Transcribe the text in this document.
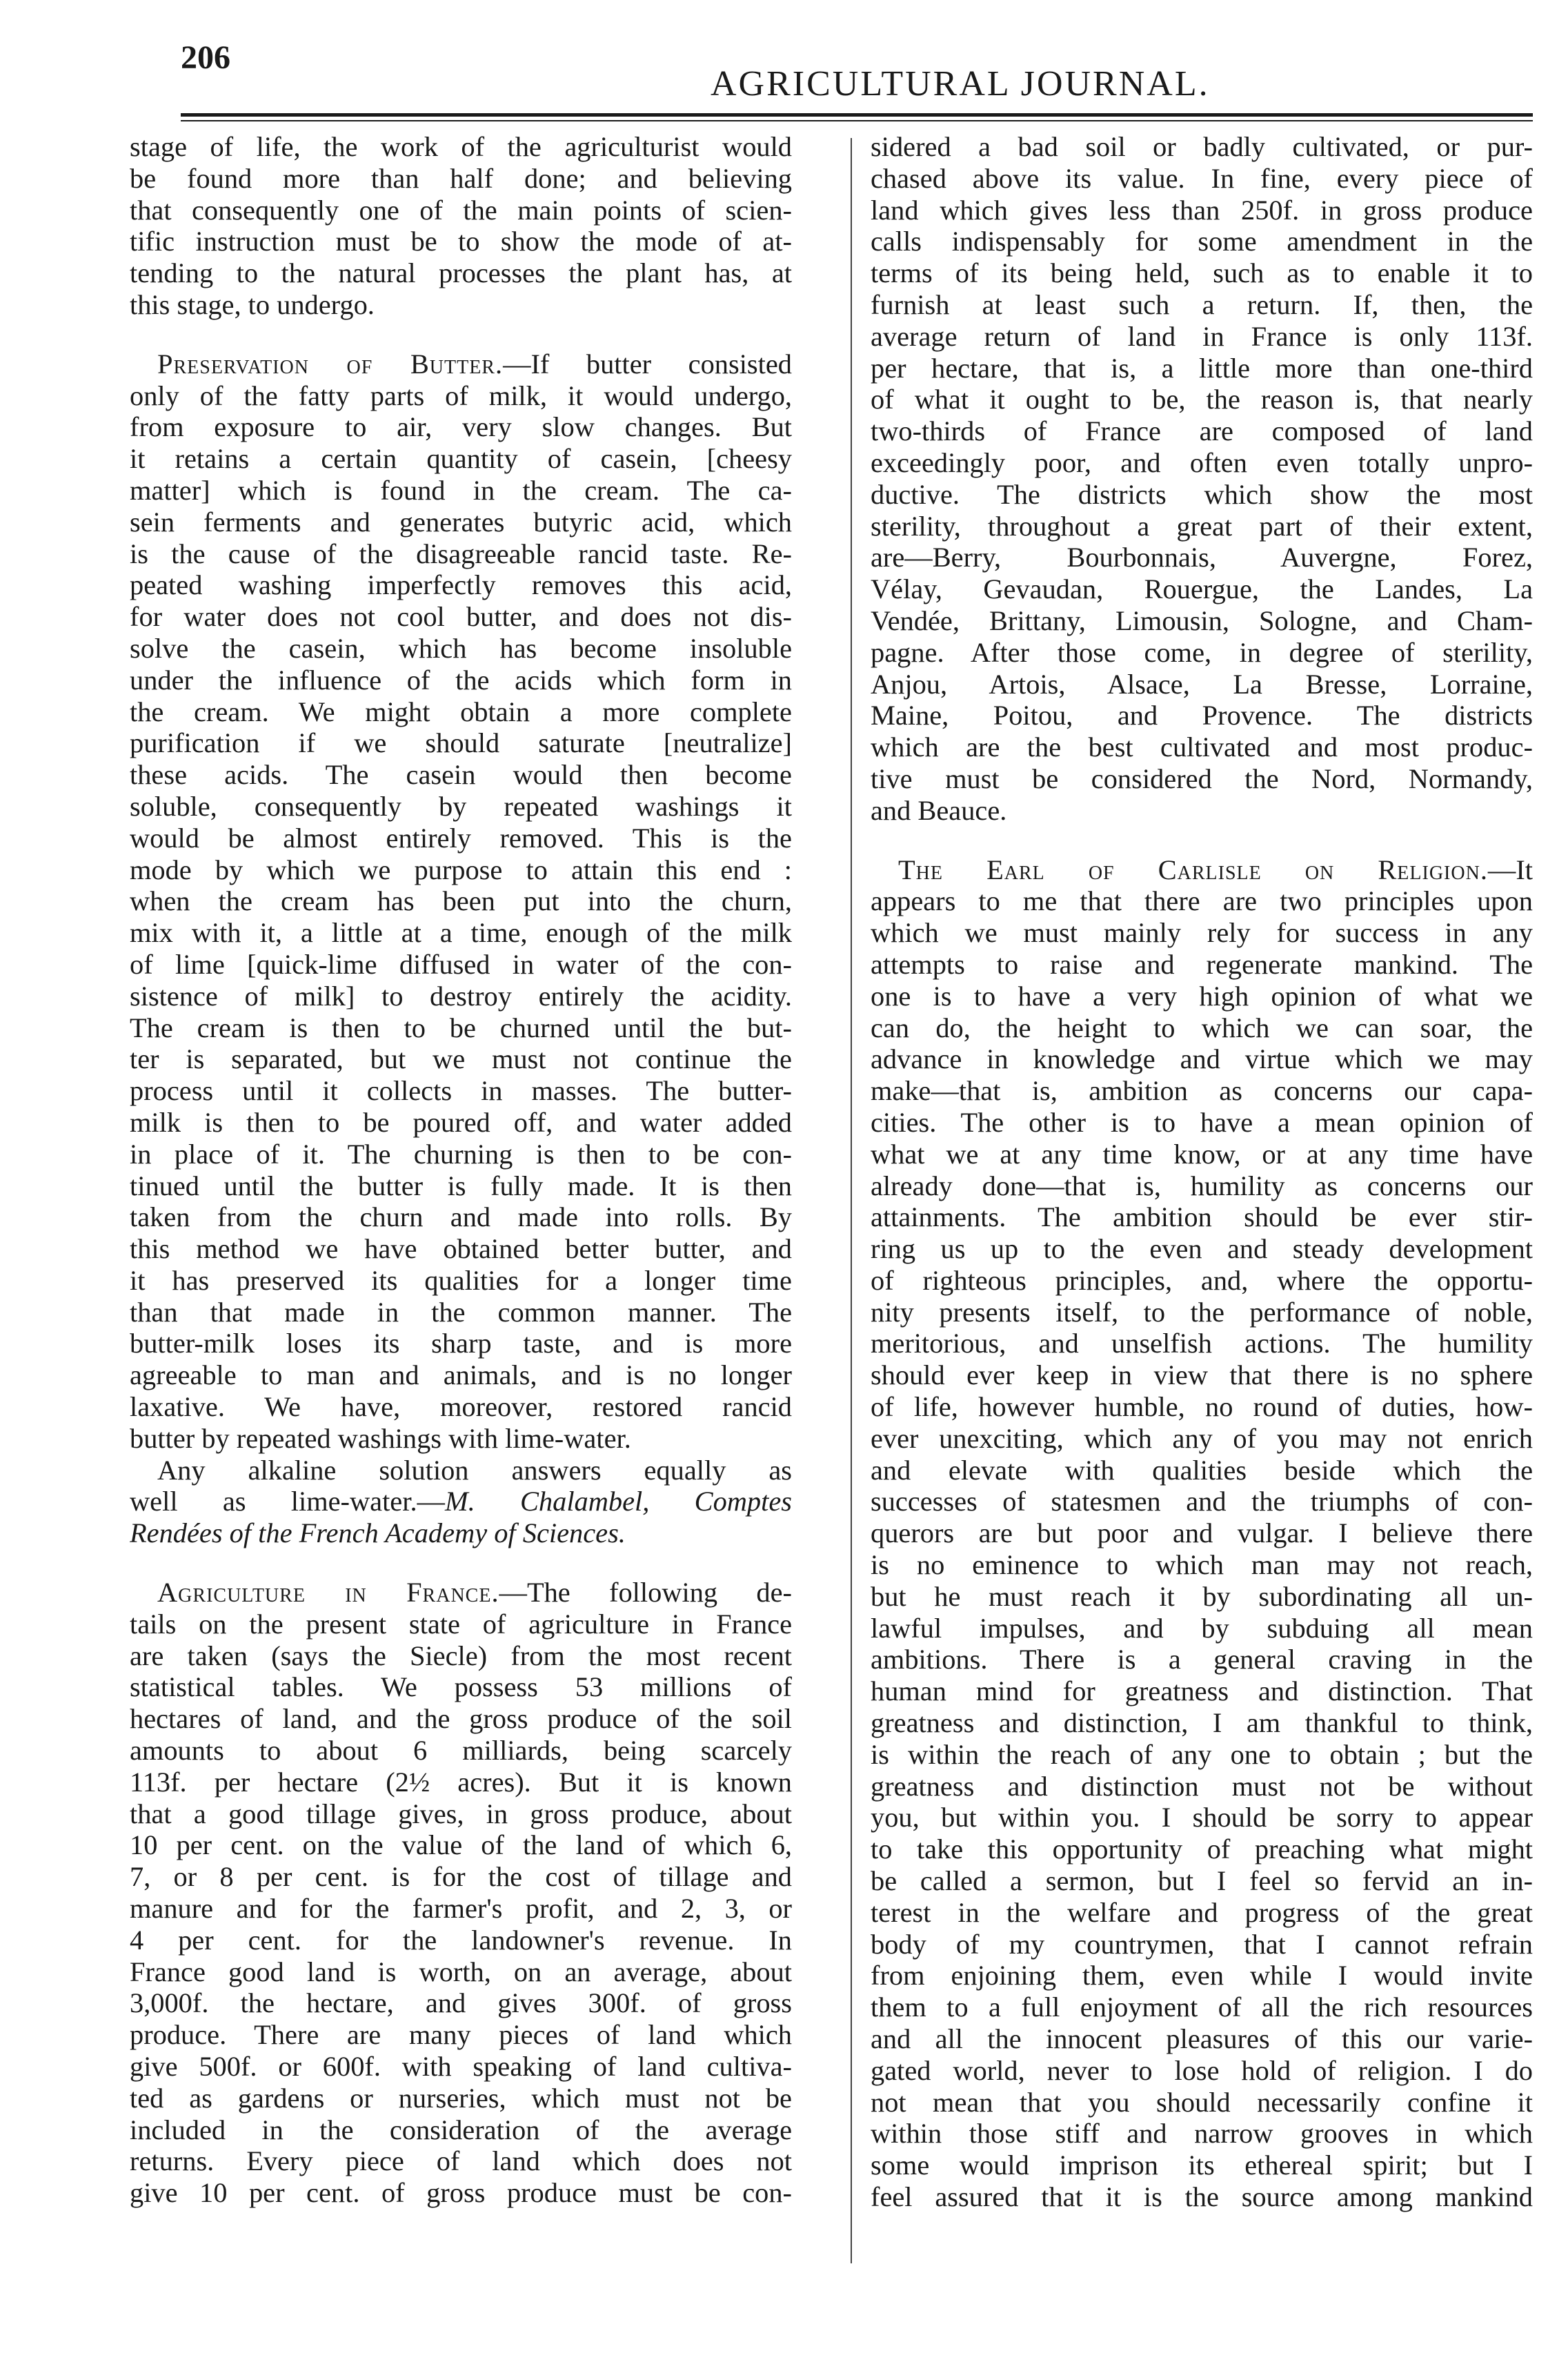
206
AGRICULTURAL JOURNAL.
stage of life, the work of the agriculturist would
be found more than half done; and believing
that consequently one of the main points of scien-
tific instruction must be to show the mode of at-
tending to the natural processes the plant has, at
this stage, to undergo.
Preservation of Butter.—If butter consisted
only of the fatty parts of milk, it would undergo,
from exposure to air, very slow changes. But
it retains a certain quantity of casein, [cheesy
matter] which is found in the cream. The ca-
sein ferments and generates butyric acid, which
is the cause of the disagreeable rancid taste. Re-
peated washing imperfectly removes this acid,
for water does not cool butter, and does not dis-
solve the casein, which has become insoluble
under the influence of the acids which form in
the cream. We might obtain a more complete
purification if we should saturate [neutralize]
these acids. The casein would then become
soluble, consequently by repeated washings it
would be almost entirely removed. This is the
mode by which we purpose to attain this end :
when the cream has been put into the churn,
mix with it, a little at a time, enough of the milk
of lime [quick-lime diffused in water of the con-
sistence of milk] to destroy entirely the acidity.
The cream is then to be churned until the but-
ter is separated, but we must not continue the
process until it collects in masses. The butter-
milk is then to be poured off, and water added
in place of it. The churning is then to be con-
tinued until the butter is fully made. It is then
taken from the churn and made into rolls. By
this method we have obtained better butter, and
it has preserved its qualities for a longer time
than that made in the common manner. The
butter-milk loses its sharp taste, and is more
agreeable to man and animals, and is no longer
laxative. We have, moreover, restored rancid
butter by repeated washings with lime-water.
Any alkaline solution answers equally as
well as lime-water.—M. Chalambel, Comptes
Rendées of the French Academy of Sciences.
Agriculture in France.—The following de-
tails on the present state of agriculture in France
are taken (says the Siecle) from the most recent
statistical tables. We possess 53 millions of
hectares of land, and the gross produce of the soil
amounts to about 6 milliards, being scarcely
113f. per hectare (2½ acres). But it is known
that a good tillage gives, in gross produce, about
10 per cent. on the value of the land of which 6,
7, or 8 per cent. is for the cost of tillage and
manure and for the farmer's profit, and 2, 3, or
4 per cent. for the landowner's revenue. In
France good land is worth, on an average, about
3,000f. the hectare, and gives 300f. of gross
produce. There are many pieces of land which
give 500f. or 600f. with speaking of land cultiva-
ted as gardens or nurseries, which must not be
included in the consideration of the average
returns. Every piece of land which does not
give 10 per cent. of gross produce must be con-
sidered a bad soil or badly cultivated, or pur-
chased above its value. In fine, every piece of
land which gives less than 250f. in gross produce
calls indispensably for some amendment in the
terms of its being held, such as to enable it to
furnish at least such a return. If, then, the
average return of land in France is only 113f.
per hectare, that is, a little more than one-third
of what it ought to be, the reason is, that nearly
two-thirds of France are composed of land
exceedingly poor, and often even totally unpro-
ductive. The districts which show the most
sterility, throughout a great part of their extent,
are—Berry, Bourbonnais, Auvergne, Forez,
Vélay, Gevaudan, Rouergue, the Landes, La
Vendée, Brittany, Limousin, Sologne, and Cham-
pagne. After those come, in degree of sterility,
Anjou, Artois, Alsace, La Bresse, Lorraine,
Maine, Poitou, and Provence. The districts
which are the best cultivated and most produc-
tive must be considered the Nord, Normandy,
and Beauce.
The Earl of Carlisle on Religion.—It
appears to me that there are two principles upon
which we must mainly rely for success in any
attempts to raise and regenerate mankind. The
one is to have a very high opinion of what we
can do, the height to which we can soar, the
advance in knowledge and virtue which we may
make—that is, ambition as concerns our capa-
cities. The other is to have a mean opinion of
what we at any time know, or at any time have
already done—that is, humility as concerns our
attainments. The ambition should be ever stir-
ring us up to the even and steady development
of righteous principles, and, where the opportu-
nity presents itself, to the performance of noble,
meritorious, and unselfish actions. The humility
should ever keep in view that there is no sphere
of life, however humble, no round of duties, how-
ever unexciting, which any of you may not enrich
and elevate with qualities beside which the
successes of statesmen and the triumphs of con-
querors are but poor and vulgar. I believe there
is no eminence to which man may not reach,
but he must reach it by subordinating all un-
lawful impulses, and by subduing all mean
ambitions. There is a general craving in the
human mind for greatness and distinction. That
greatness and distinction, I am thankful to think,
is within the reach of any one to obtain ; but the
greatness and distinction must not be without
you, but within you. I should be sorry to appear
to take this opportunity of preaching what might
be called a sermon, but I feel so fervid an in-
terest in the welfare and progress of the great
body of my countrymen, that I cannot refrain
from enjoining them, even while I would invite
them to a full enjoyment of all the rich resources
and all the innocent pleasures of this our varie-
gated world, never to lose hold of religion. I do
not mean that you should necessarily confine it
within those stiff and narrow grooves in which
some would imprison its ethereal spirit; but I
feel assured that it is the source among mankind
